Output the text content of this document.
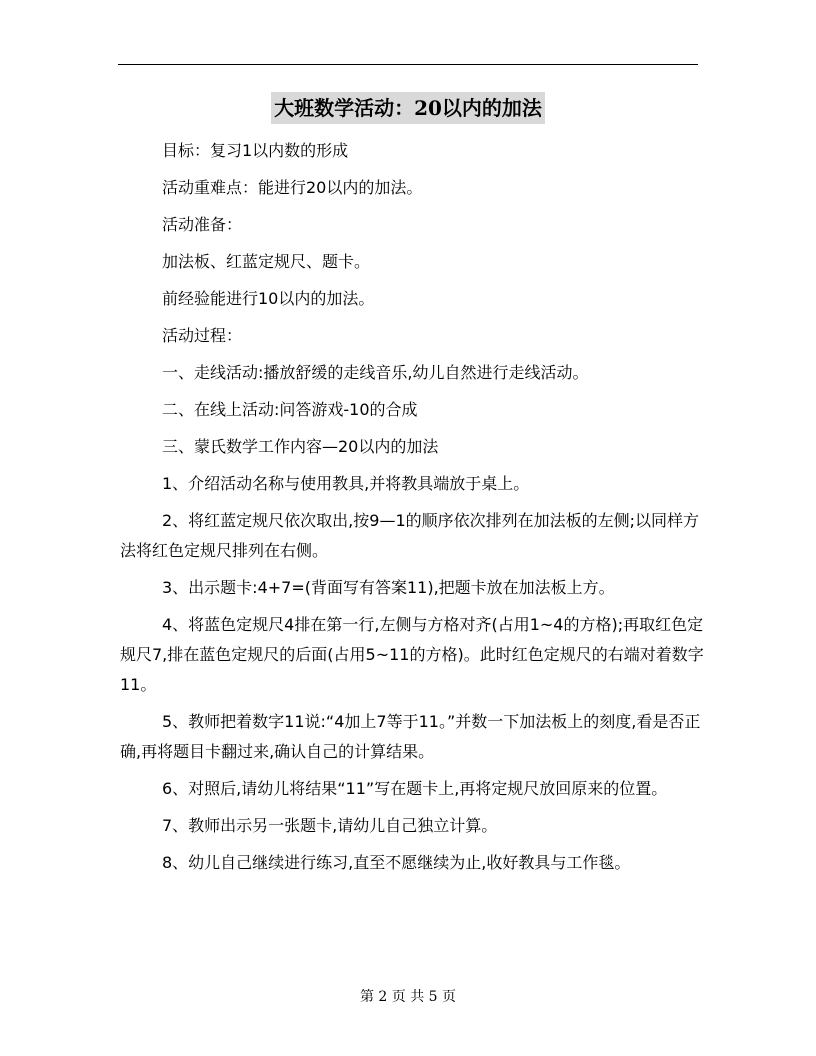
大班数学活动：20以内的加法

目标：复习1以内数的形成

活动重难点：能进行20以内的加法。

活动准备：

加法板、红蓝定规尺、题卡。

前经验能进行10以内的加法。

活动过程：

一、走线活动:播放舒缓的走线音乐,幼儿自然进行走线活动。

二、在线上活动:问答游戏-10的合成

三、蒙氏数学工作内容—20以内的加法

1、介绍活动名称与使用教具,并将教具端放于桌上。

2、将红蓝定规尺依次取出,按9—1的顺序依次排列在加法板的左侧;以同样方法将红色定规尺排列在右侧。

3、出示题卡:4+7=(背面写有答案11),把题卡放在加法板上方。

4、将蓝色定规尺4排在第一行,左侧与方格对齐(占用1~4的方格);再取红色定规尺7,排在蓝色定规尺的后面(占用5~11的方格)。此时红色定规尺的右端对着数字11。

5、教师把着数字11说:“4加上7等于11。”并数一下加法板上的刻度,看是否正确,再将题目卡翻过来,确认自己的计算结果。

6、对照后,请幼儿将结果“11”写在题卡上,再将定规尺放回原来的位置。

7、教师出示另一张题卡,请幼儿自己独立计算。

8、幼儿自己继续进行练习,直至不愿继续为止,收好教具与工作毯。

第 2 页 共 5 页
